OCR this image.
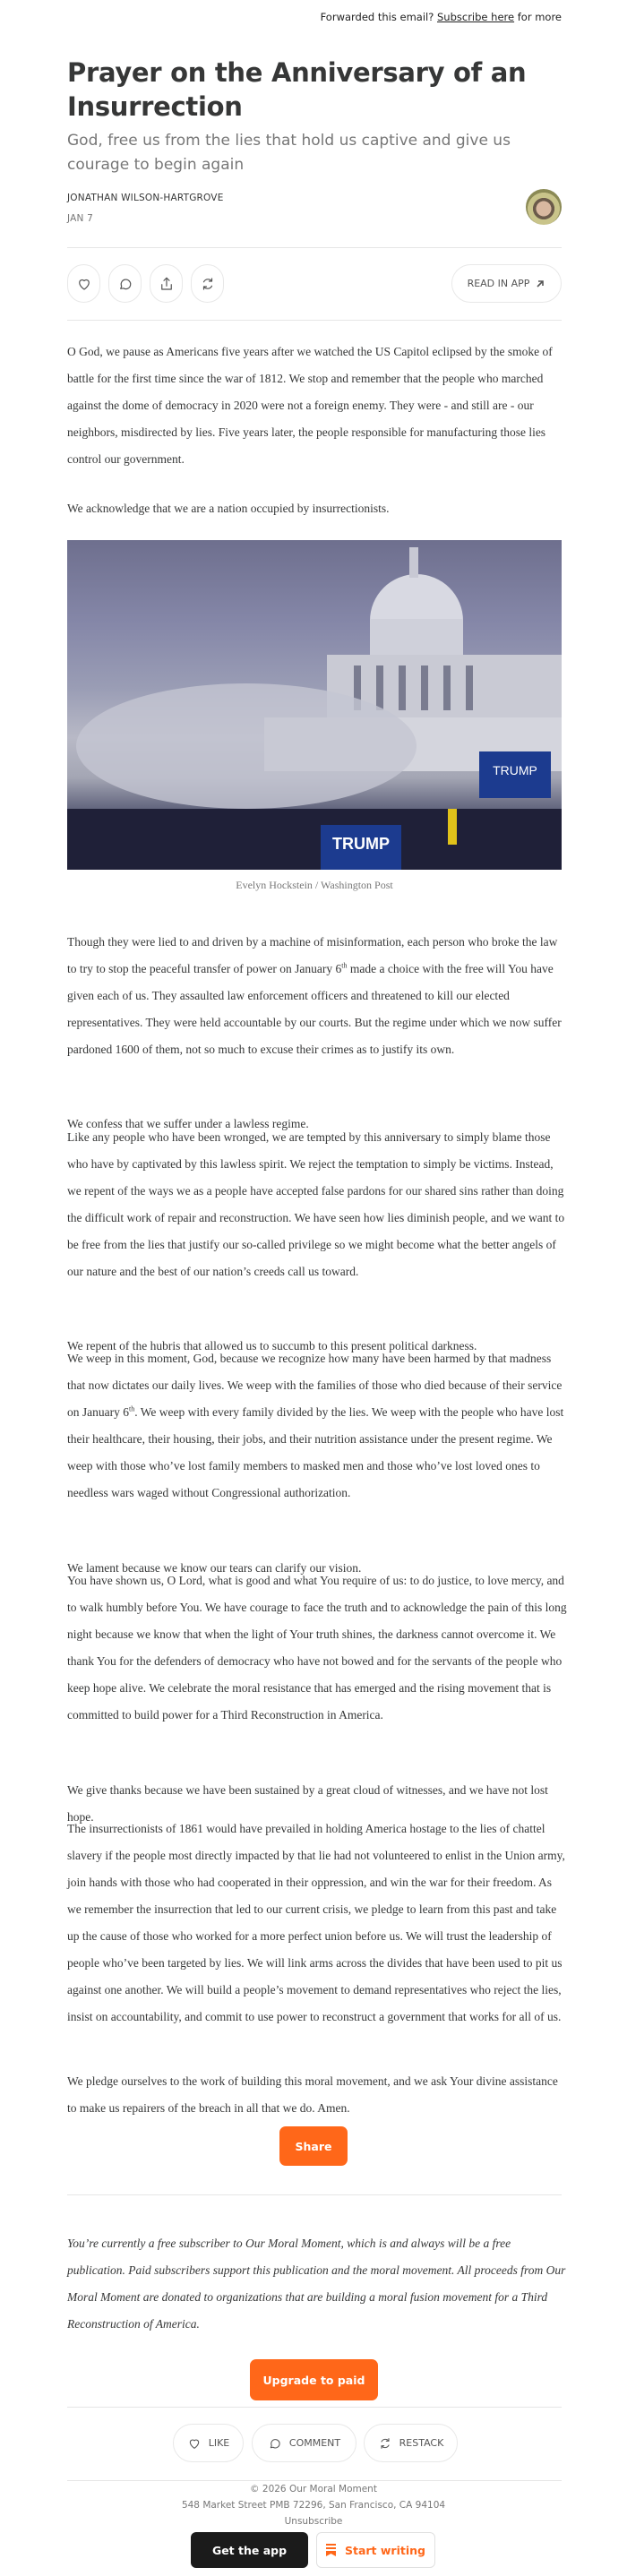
Forwarded this email? Subscribe here for more
Prayer on the Anniversary of an Insurrection
God, free us from the lies that hold us captive and give us courage to begin again
JONATHAN WILSON-HARTGROVE
JAN 7
READ IN APP

O God, we pause as Americans five years after we watched the US Capitol eclipsed by the smoke of battle for the first time since the war of 1812. We stop and remember that the people who marched against the dome of democracy in 2020 were not a foreign enemy. They were - and still are - our neighbors, misdirected by lies. Five years later, the people responsible for manufacturing those lies control our government.

We acknowledge that we are a nation occupied by insurrectionists.

TRUMP
TRUMP
Evelyn Hockstein / Washington Post

Though they were lied to and driven by a machine of misinformation, each person who broke the law to try to stop the peaceful transfer of power on January 6th made a choice with the free will You have given each of us. They assaulted law enforcement officers and threatened to kill our elected representatives. They were held accountable by our courts. But the regime under which we now suffer pardoned 1600 of them, not so much to excuse their crimes as to justify its own.

We confess that we suffer under a lawless regime.

Like any people who have been wronged, we are tempted by this anniversary to simply blame those who have by captivated by this lawless spirit. We reject the temptation to simply be victims. Instead, we repent of the ways we as a people have accepted false pardons for our shared sins rather than doing the difficult work of repair and reconstruction. We have seen how lies diminish people, and we want to be free from the lies that justify our so-called privilege so we might become what the better angels of our nature and the best of our nation’s creeds call us toward.

We repent of the hubris that allowed us to succumb to this present political darkness.

We weep in this moment, God, because we recognize how many have been harmed by that madness that now dictates our daily lives. We weep with the families of those who died because of their service on January 6th. We weep with every family divided by the lies. We weep with the people who have lost their healthcare, their housing, their jobs, and their nutrition assistance under the present regime. We weep with those who’ve lost family members to masked men and those who’ve lost loved ones to needless wars waged without Congressional authorization.

We lament because we know our tears can clarify our vision.

You have shown us, O Lord, what is good and what You require of us: to do justice, to love mercy, and to walk humbly before You. We have courage to face the truth and to acknowledge the pain of this long night because we know that when the light of Your truth shines, the darkness cannot overcome it. We thank You for the defenders of democracy who have not bowed and for the servants of the people who keep hope alive. We celebrate the moral resistance that has emerged and the rising movement that is committed to build power for a Third Reconstruction in America.

We give thanks because we have been sustained by a great cloud of witnesses, and we have not lost hope.

The insurrectionists of 1861 would have prevailed in holding America hostage to the lies of chattel slavery if the people most directly impacted by that lie had not volunteered to enlist in the Union army, join hands with those who had cooperated in their oppression, and win the war for their freedom. As we remember the insurrection that led to our current crisis, we pledge to learn from this past and take up the cause of those who worked for a more perfect union before us. We will trust the leadership of people who’ve been targeted by lies. We will link arms across the divides that have been used to pit us against one another. We will build a people’s movement to demand representatives who reject the lies, insist on accountability, and commit to use power to reconstruct a government that works for all of us.

We pledge ourselves to the work of building this moral movement, and we ask Your divine assistance to make us repairers of the breach in all that we do. Amen.

Share

You’re currently a free subscriber to Our Moral Moment, which is and always will be a free publication. Paid subscribers support this publication and the moral movement. All proceeds from Our Moral Moment are donated to organizations that are building a moral fusion movement for a Third Reconstruction of America.

Upgrade to paid
LIKE	COMMENT	RESTACK
© 2026 Our Moral Moment
548 Market Street PMB 72296, San Francisco, CA 94104
Unsubscribe
Get the app	Start writing
